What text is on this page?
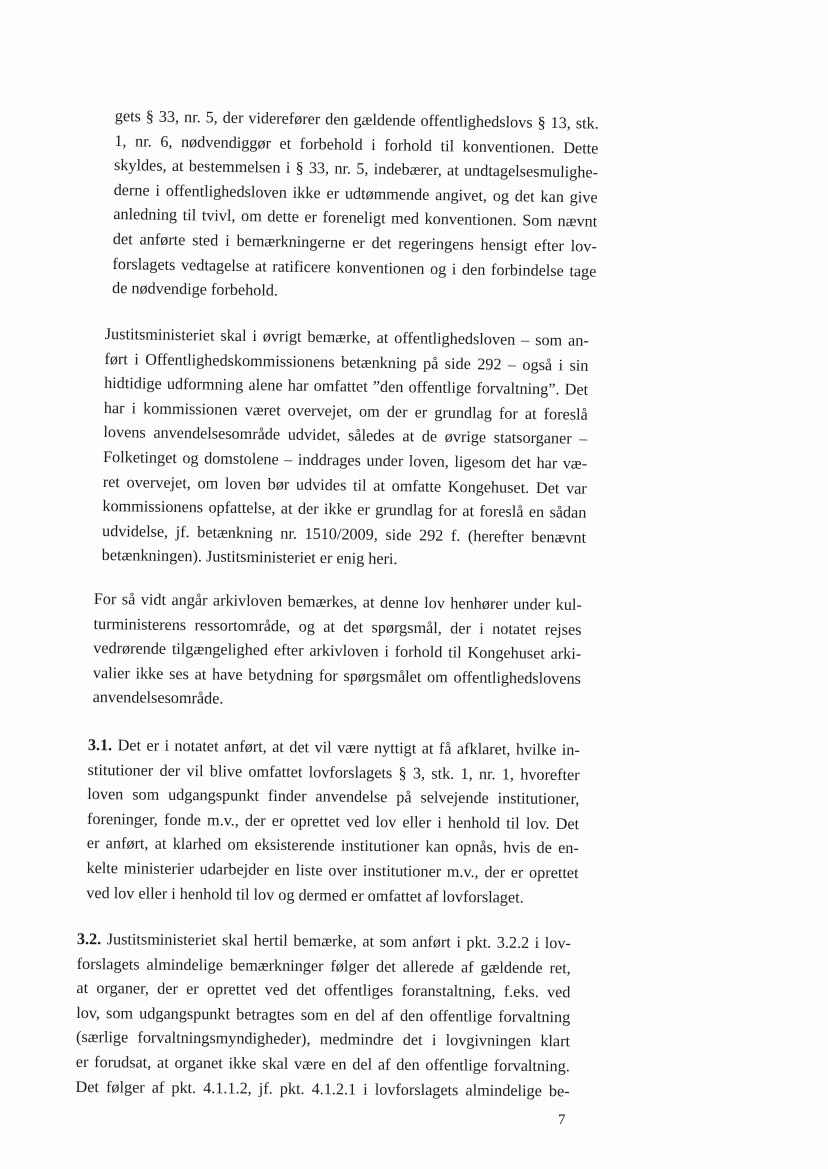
gets § 33, nr. 5, der viderefører den gældende offentlighedslovs § 13, stk.
1, nr. 6, nødvendiggør et forbehold i forhold til konventionen. Dette
skyldes, at bestemmelsen i § 33, nr. 5, indebærer, at undtagelsesmulighe-
derne i offentlighedsloven ikke er udtømmende angivet, og det kan give
anledning til tvivl, om dette er foreneligt med konventionen. Som nævnt
det anførte sted i bemærkningerne er det regeringens hensigt efter lov-
forslagets vedtagelse at ratificere konventionen og i den forbindelse tage
de nødvendige forbehold.
Justitsministeriet skal i øvrigt bemærke, at offentlighedsloven – som an-
ført i Offentlighedskommissionens betænkning på side 292 – også i sin
hidtidige udformning alene har omfattet ”den offentlige forvaltning”. Det
har i kommissionen været overvejet, om der er grundlag for at foreslå
lovens anvendelsesområde udvidet, således at de øvrige statsorganer –
Folketinget og domstolene – inddrages under loven, ligesom det har væ-
ret overvejet, om loven bør udvides til at omfatte Kongehuset. Det var
kommissionens opfattelse, at der ikke er grundlag for at foreslå en sådan
udvidelse, jf. betænkning nr. 1510/2009, side 292 f. (herefter benævnt
betænkningen). Justitsministeriet er enig heri.
For så vidt angår arkivloven bemærkes, at denne lov henhører under kul-
turministerens ressortområde, og at det spørgsmål, der i notatet rejses
vedrørende tilgængelighed efter arkivloven i forhold til Kongehuset arki-
valier ikke ses at have betydning for spørgsmålet om offentlighedslovens
anvendelsesområde.
3.1. Det er i notatet anført, at det vil være nyttigt at få afklaret, hvilke in-
stitutioner der vil blive omfattet lovforslagets § 3, stk. 1, nr. 1, hvorefter
loven som udgangspunkt finder anvendelse på selvejende institutioner,
foreninger, fonde m.v., der er oprettet ved lov eller i henhold til lov. Det
er anført, at klarhed om eksisterende institutioner kan opnås, hvis de en-
kelte ministerier udarbejder en liste over institutioner m.v., der er oprettet
ved lov eller i henhold til lov og dermed er omfattet af lovforslaget.
3.2. Justitsministeriet skal hertil bemærke, at som anført i pkt. 3.2.2 i lov-
forslagets almindelige bemærkninger følger det allerede af gældende ret,
at organer, der er oprettet ved det offentliges foranstaltning, f.eks. ved
lov, som udgangspunkt betragtes som en del af den offentlige forvaltning
(særlige forvaltningsmyndigheder), medmindre det i lovgivningen klart
er forudsat, at organet ikke skal være en del af den offentlige forvaltning.
Det følger af pkt. 4.1.1.2, jf. pkt. 4.1.2.1 i lovforslagets almindelige be-
7
